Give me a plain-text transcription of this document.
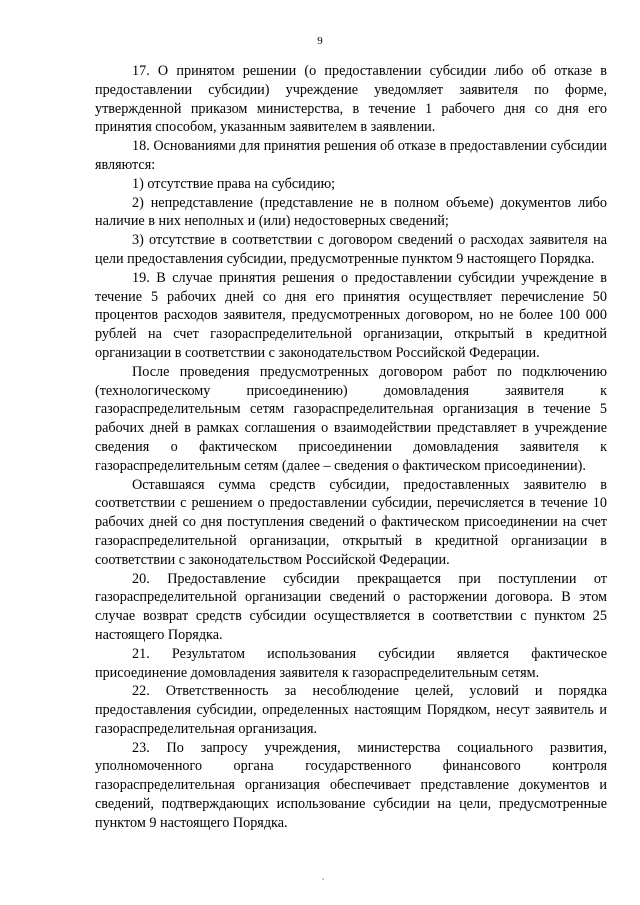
9

17. О принятом решении (о предоставлении субсидии либо об отказе в предоставлении субсидии) учреждение уведомляет заявителя по форме, утвержденной приказом министерства, в течение 1 рабочего дня со дня его принятия способом, указанным заявителем в заявлении.

18. Основаниями для принятия решения об отказе в предоставлении субсидии являются:

1) отсутствие права на субсидию;

2) непредставление (представление не в полном объеме) документов либо наличие в них неполных и (или) недостоверных сведений;

3) отсутствие в соответствии с договором сведений о расходах заявителя на цели предоставления субсидии, предусмотренные пунктом 9 настоящего Порядка.

19. В случае принятия решения о предоставлении субсидии учреждение в течение 5 рабочих дней со дня его принятия осуществляет перечисление 50 процентов расходов заявителя, предусмотренных договором, но не более 100 000 рублей на счет газораспределительной организации, открытый в кредитной организации в соответствии с законодательством Российской Федерации.

После проведения предусмотренных договором работ по подключению (технологическому присоединению) домовладения заявителя к газораспределительным сетям газораспределительная организация в течение 5 рабочих дней в рамках соглашения о взаимодействии представляет в учреждение сведения о фактическом присоединении домовладения заявителя к газораспределительным сетям (далее – сведения о фактическом присоединении).

Оставшаяся сумма средств субсидии, предоставленных заявителю в соответствии с решением о предоставлении субсидии, перечисляется в течение 10 рабочих дней со дня поступления сведений о фактическом присоединении на счет газораспределительной организации, открытый в кредитной организации в соответствии с законодательством Российской Федерации.

20. Предоставление субсидии прекращается при поступлении от газораспределительной организации сведений о расторжении договора. В этом случае возврат средств субсидии осуществляется в соответствии с пунктом 25 настоящего Порядка.

21. Результатом использования субсидии является фактическое присоединение домовладения заявителя к газораспределительным сетям.

22. Ответственность за несоблюдение целей, условий и порядка предоставления субсидии, определенных настоящим Порядком, несут заявитель и газораспределительная организация.

23. По запросу учреждения, министерства социального развития, уполномоченного органа государственного финансового контроля газораспределительная организация обеспечивает представление документов и сведений, подтверждающих использование субсидии на цели, предусмотренные пунктом 9 настоящего Порядка.
